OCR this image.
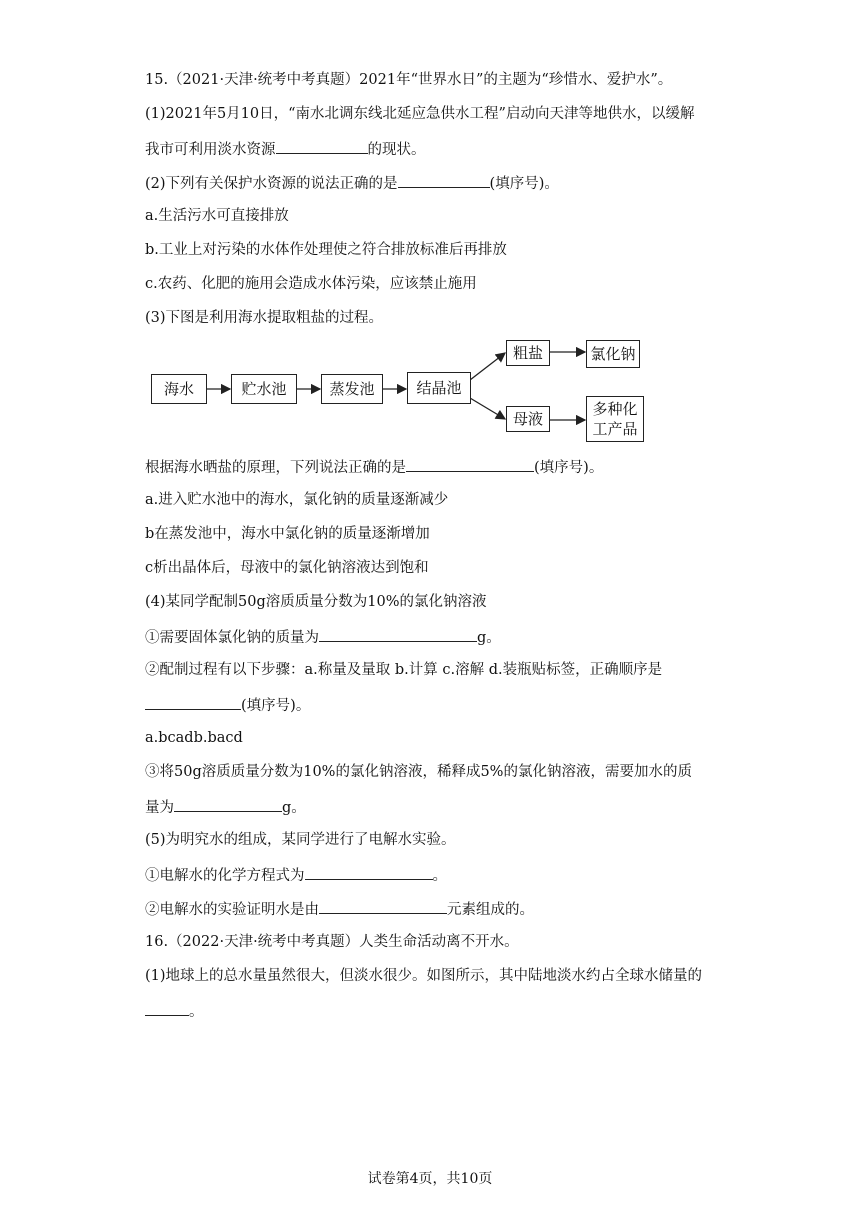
15.（2021·天津·统考中考真题）2021年“世界水日”的主题为“珍惜水、爱护水”。
(1)2021年5月10日，“南水北调东线北延应急供水工程”启动向天津等地供水，以缓解
我市可利用淡水资源	的现状。
(2)下列有关保护水资源的说法正确的是	(填序号)。
a.生活污水可直接排放
b.工业上对污染的水体作处理使之符合排放标准后再排放
c.农药、化肥的施用会造成水体污染，应该禁止施用
(3)下图是利用海水提取粗盐的过程。
海水	贮水池	蒸发池	结晶池
粗盐	氯化钠
母液
多种化工产品
根据海水晒盐的原理，下列说法正确的是	(填序号)。
a.进入贮水池中的海水，氯化钠的质量逐渐减少
b在蒸发池中，海水中氯化钠的质量逐渐增加
c析出晶体后，母液中的氯化钠溶液达到饱和
(4)某同学配制50g溶质质量分数为10%的氯化钠溶液
①需要固体氯化钠的质量为	g。
②配制过程有以下步骤：a.称量及量取 b.计算 c.溶解 d.装瓶贴标签，正确顺序是
(填序号)。
a.bcadb.bacd
③将50g溶质质量分数为10%的氯化钠溶液，稀释成5%的氯化钠溶液，需要加水的质
量为	g。
(5)为明究水的组成，某同学进行了电解水实验。
①电解水的化学方程式为	。
②电解水的实验证明水是由	元素组成的。
16.（2022·天津·统考中考真题）人类生命活动离不开水。
(1)地球上的总水量虽然很大，但淡水很少。如图所示，其中陆地淡水约占全球水储量的
。
试卷第4页，共10页
